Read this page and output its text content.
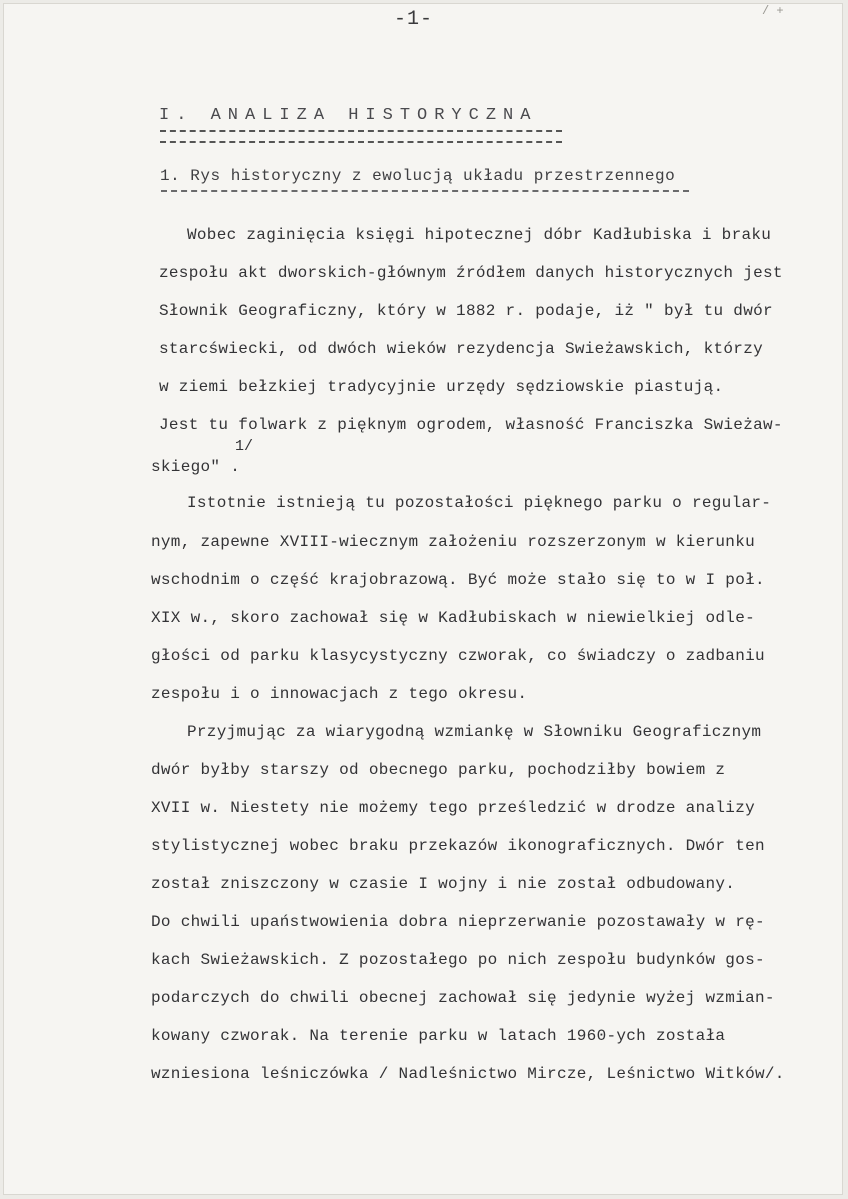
/ +
-1-
I. ANALIZA HISTORYCZNA
1. Rys historyczny z ewolucją układu przestrzennego
1/
Wobec zaginięcia księgi hipotecznej dóbr Kadłubiska i braku
zespołu akt dworskich-głównym źródłem danych historycznych jest
Słownik Geograficzny, który w 1882 r. podaje, iż " był tu dwór
starcświecki, od dwóch wieków rezydencja Swieżawskich, którzy
w ziemi bełzkiej tradycyjnie urzędy sędziowskie piastują.
Jest tu folwark z pięknym ogrodem, własność Franciszka Swieżaw-
skiego" .
Istotnie istnieją tu pozostałości pięknego parku o regular-
nym, zapewne XVIII-wiecznym założeniu rozszerzonym w kierunku
wschodnim o część krajobrazową. Być może stało się to w I poł.
XIX w., skoro zachował się w Kadłubiskach w niewielkiej odle-
głości od parku klasycystyczny czworak, co świadczy o zadbaniu
zespołu i o innowacjach z tego okresu.
Przyjmując za wiarygodną wzmiankę w Słowniku Geograficznym
dwór byłby starszy od obecnego parku, pochodziłby bowiem z
XVII w. Niestety nie możemy tego prześledzić w drodze analizy
stylistycznej wobec braku przekazów ikonograficznych. Dwór ten
został zniszczony w czasie I wojny i nie został odbudowany.
Do chwili upaństwowienia dobra nieprzerwanie pozostawały w rę-
kach Swieżawskich. Z pozostałego po nich zespołu budynków gos-
podarczych do chwili obecnej zachował się jedynie wyżej wzmian-
kowany czworak. Na terenie parku w latach 1960-ych została
wzniesiona leśniczówka / Nadleśnictwo Mircze, Leśnictwo Witków/.
